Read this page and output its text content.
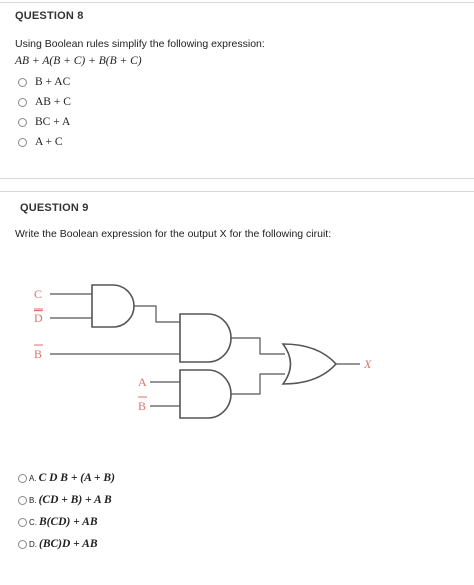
QUESTION 8
Using Boolean rules simplify the following expression:
AB + A(B + C) + B(B + C)
B + AC
AB + C
BC + A
A + C
QUESTION 9
Write the Boolean expression for the output X for the following ciruit:
C
D
B
A
B
X
A. C D B + (A + B)
B. (CD + B) + A B
C. B(CD) + AB
D. (BC)D + AB
